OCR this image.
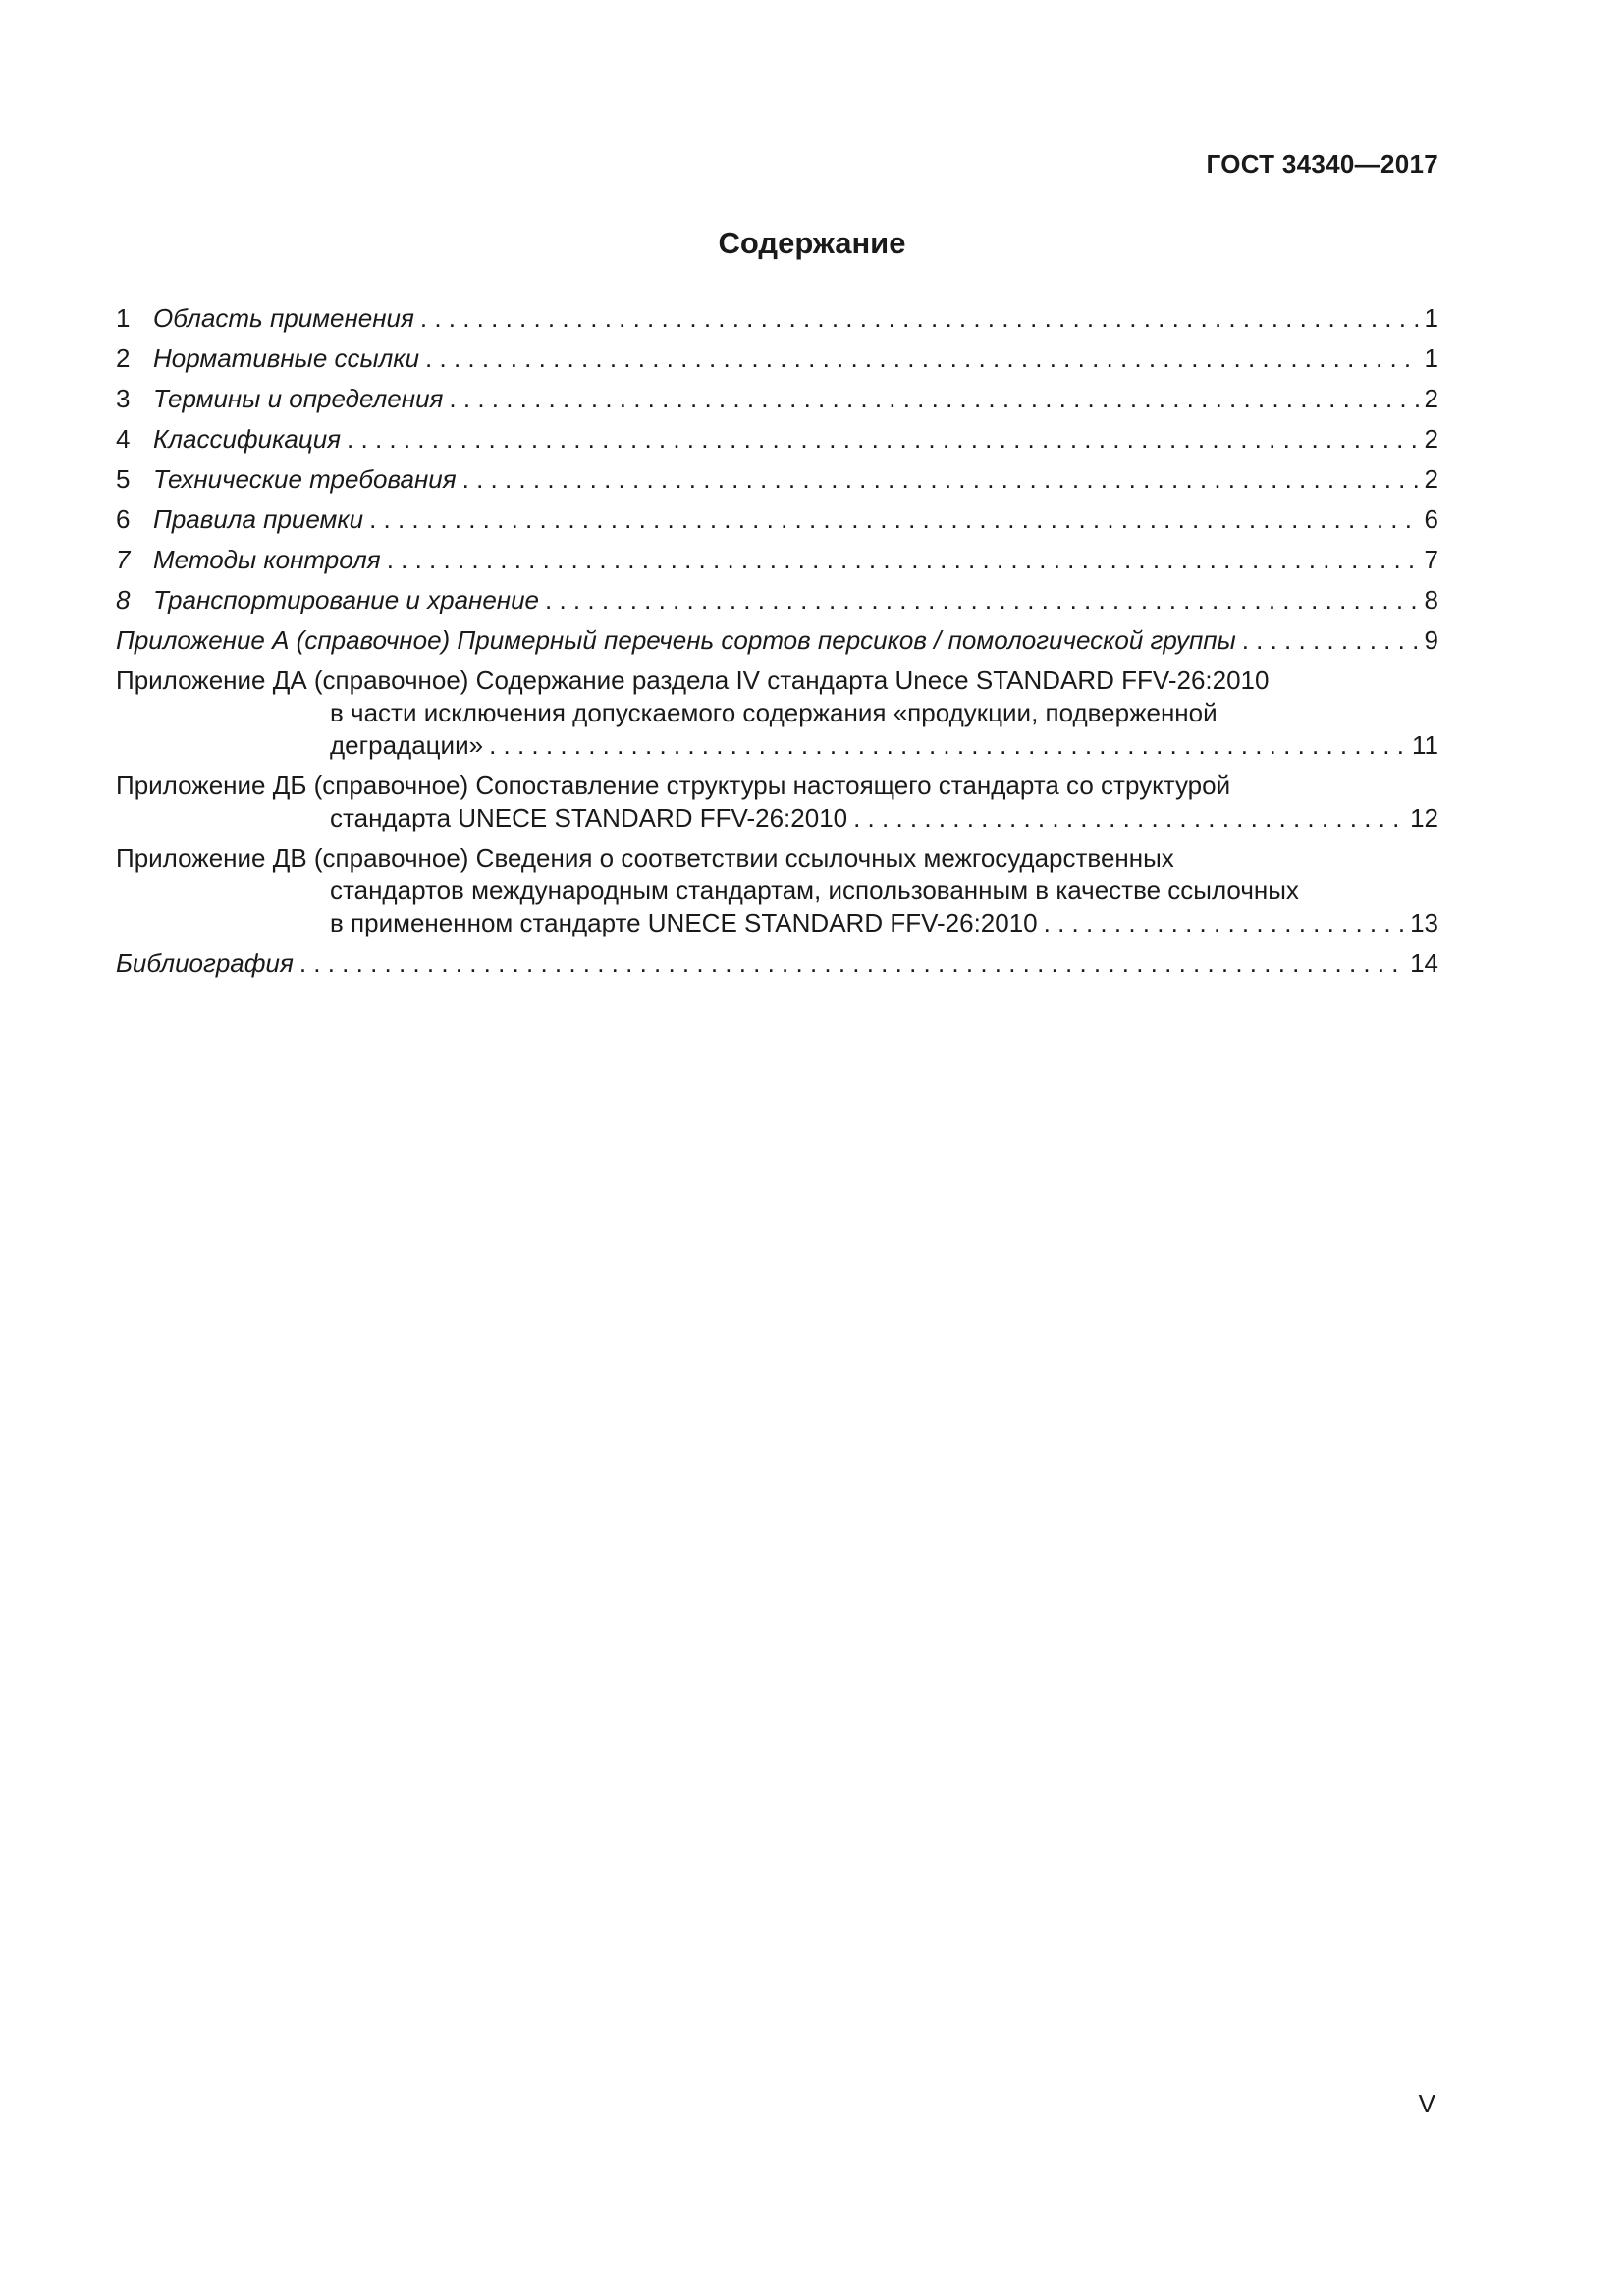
ГОСТ 34340—2017
Содержание
1 Область применения . . .	1
2 Нормативные ссылки . . .	1
3 Термины и определения . . .	2
4 Классификация . . .	2
5 Технические требования . . .	2
6 Правила приемки . . .	6
7 Методы контроля . . .	7
8 Транспортирование и хранение . . .	8
Приложение А (справочное) Примерный перечень сортов персиков / помологической группы . . .	9
Приложение ДА (справочное) Содержание раздела IV стандарта Unece STANDARD FFV-26:2010
в части исключения допускаемого содержания «продукции, подверженной
деградации» . . .	11
Приложение ДБ (справочное) Сопоставление структуры настоящего стандарта со структурой
стандарта UNECE STANDARD FFV-26:2010 . . .	12
Приложение ДВ (справочное) Сведения о соответствии ссылочных межгосударственных
стандартов международным стандартам, использованным в качестве ссылочных
в примененном стандарте UNECE STANDARD FFV-26:2010 . . .	13
Библиография . . .	14
V
